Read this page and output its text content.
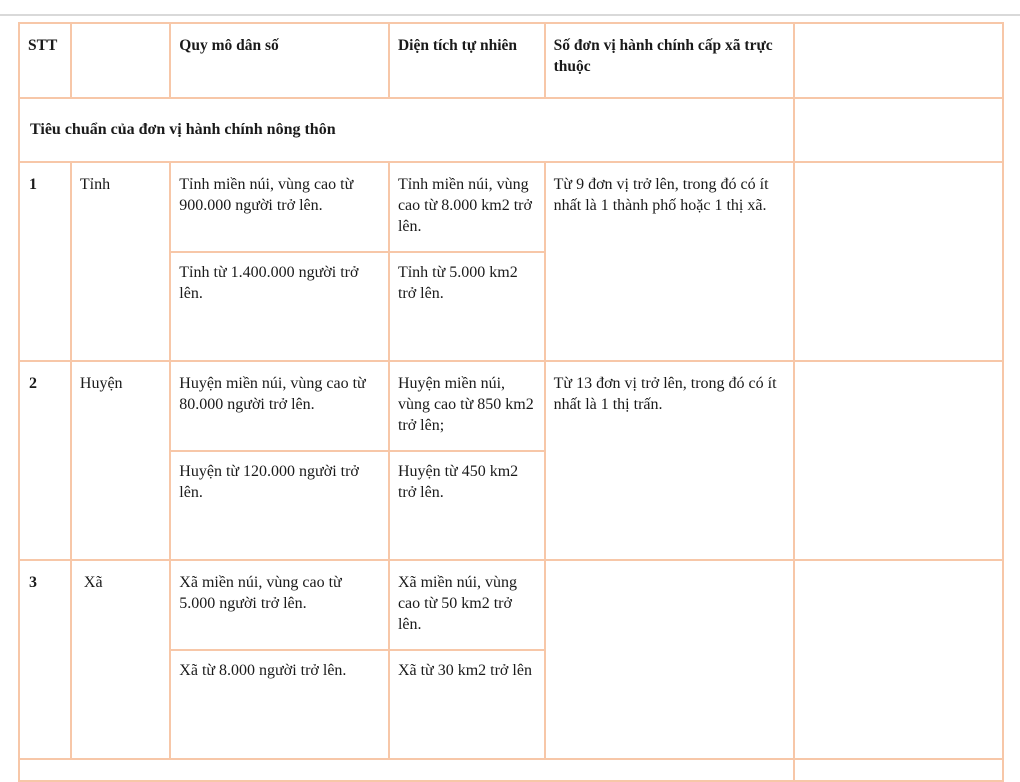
STT		Quy mô dân số	Diện tích tự nhiên	Số đơn vị hành chính cấp xã trực thuộc	
Tiêu chuẩn của đơn vị hành chính nông thôn					
1	Tỉnh	Tỉnh miền núi, vùng cao từ 900.000 người trở lên.	Tỉnh miền núi, vùng cao từ 8.000 km2 trở lên.	Từ 9 đơn vị trở lên, trong đó có ít nhất là 1 thành phố hoặc 1 thị xã.	
		Tỉnh từ 1.400.000 người trở lên.	Tỉnh từ 5.000 km2 trở lên.		
2	Huyện	Huyện miền núi, vùng cao từ 80.000 người trở lên.	Huyện miền núi, vùng cao từ 850 km2 trở lên;	Từ 13 đơn vị trở lên, trong đó có ít nhất là 1 thị trấn.	
		Huyện từ 120.000 người trở lên.	Huyện từ 450 km2 trở lên.		
3	Xã	Xã miền núi, vùng cao từ 5.000 người trở lên.	Xã miền núi, vùng cao từ 50 km2 trở lên.		
		Xã từ 8.000 người trở lên.	Xã từ 30 km2 trở lên		
